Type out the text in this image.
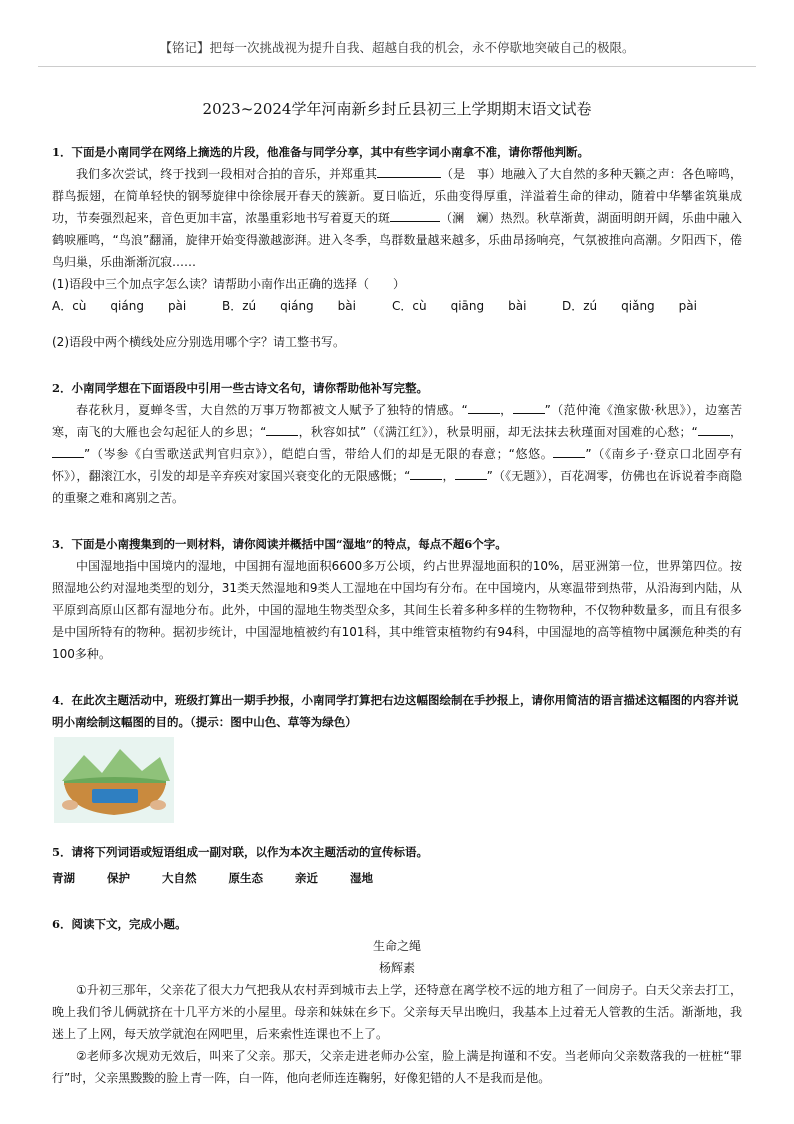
【铭记】把每一次挑战视为提升自我、超越自我的机会，永不停歇地突破自己的极限。
2023~2024学年河南新乡封丘县初三上学期期末语文试卷

1．下面是小南同学在网络上摘选的片段，他准备与同学分享，其中有些字词小南拿不准，请你帮他判断。

我们多次尝试，终于找到一段相对合拍的音乐，并郑重其	（是　事）地融入了大自然的多种天籁之声：各色啼鸣，群鸟振翅，在简单轻快的钢琴旋律中徐徐展开春天的簇新。夏日临近，乐曲变得厚重，洋溢着生命的律动，随着中华攀雀筑巢成功，节奏强烈起来，音色更加丰富，浓墨重彩地书写着夏天的斑	（澜　斓）热烈。秋草渐黄，湖面明朗开阔，乐曲中融入鹤唳雁鸣，“鸟浪”翻涌，旋律开始变得激越澎湃。进入冬季，鸟群数量越来越多，乐曲昂扬响亮，气氛被推向高潮。夕阳西下，倦鸟归巢，乐曲渐渐沉寂……

(1)语段中三个加点字怎么读？请帮助小南作出正确的选择（　　）

A．cù　　qiáng　　pài	B．zú　　qiáng　　bài	C．cù　　qiāng　　bài	D．zú　　qiǎng　　pài

(2)语段中两个横线处应分别选用哪个字？请工整书写。

2．小南同学想在下面语段中引用一些古诗文名句，请你帮助他补写完整。

春花秋月，夏蝉冬雪，大自然的万事万物都被文人赋予了独特的情感。“	，	”（范仲淹《渔家傲·秋思》），边塞苦寒，南飞的大雁也会勾起征人的乡思；“	，秋容如拭”（《满江红》），秋景明丽，却无法抹去秋瑾面对国难的心愁；“	，”（岑参《白雪歌送武判官归京》），皑皑白雪，带给人们的却是无限的春意；“悠悠。	”（《南乡子·登京口北固亭有怀》），翻滚江水，引发的却是辛弃疾对家国兴衰变化的无限感慨；“	，	”（《无题》），百花凋零，仿佛也在诉说着李商隐的重聚之难和离别之苦。

3．下面是小南搜集到的一则材料，请你阅读并概括中国“湿地”的特点，每点不超6个字。

中国湿地指中国境内的湿地，中国拥有湿地面积6600多万公顷，约占世界湿地面积的10%，居亚洲第一位，世界第四位。按照湿地公约对湿地类型的划分，31类天然湿地和9类人工湿地在中国均有分布。在中国境内，从寒温带到热带，从沿海到内陆，从平原到高原山区都有湿地分布。此外，中国的湿地生物类型众多，其间生长着多种多样的生物物种，不仅物种数量多，而且有很多是中国所特有的物种。据初步统计，中国湿地植被约有101科，其中维管束植物约有94科，中国湿地的高等植物中属濒危种类的有100多种。

4．在此次主题活动中，班级打算出一期手抄报，小南同学打算把右边这幅图绘制在手抄报上，请你用简洁的语言描述这幅图的内容并说明小南绘制这幅图的目的。（提示：图中山色、草等为绿色）

5．请将下列词语或短语组成一副对联，以作为本次主题活动的宣传标语。

青湖	保护	大自然	原生态	亲近	湿地

6．阅读下文，完成小题。

生命之绳

杨辉素

①升初三那年，父亲花了很大力气把我从农村弄到城市去上学，还特意在离学校不远的地方租了一间房子。白天父亲去打工，晚上我们爷儿俩就挤在十几平方米的小屋里。母亲和妹妹在乡下。父亲每天早出晚归，我基本上过着无人管教的生活。渐渐地，我迷上了上网，每天放学就泡在网吧里，后来索性连课也不上了。

②老师多次规劝无效后，叫来了父亲。那天，父亲走进老师办公室，脸上满是拘谨和不安。当老师向父亲数落我的一桩桩“罪行”时，父亲黑黢黢的脸上青一阵，白一阵，他向老师连连鞠躬，好像犯错的人不是我而是他。
